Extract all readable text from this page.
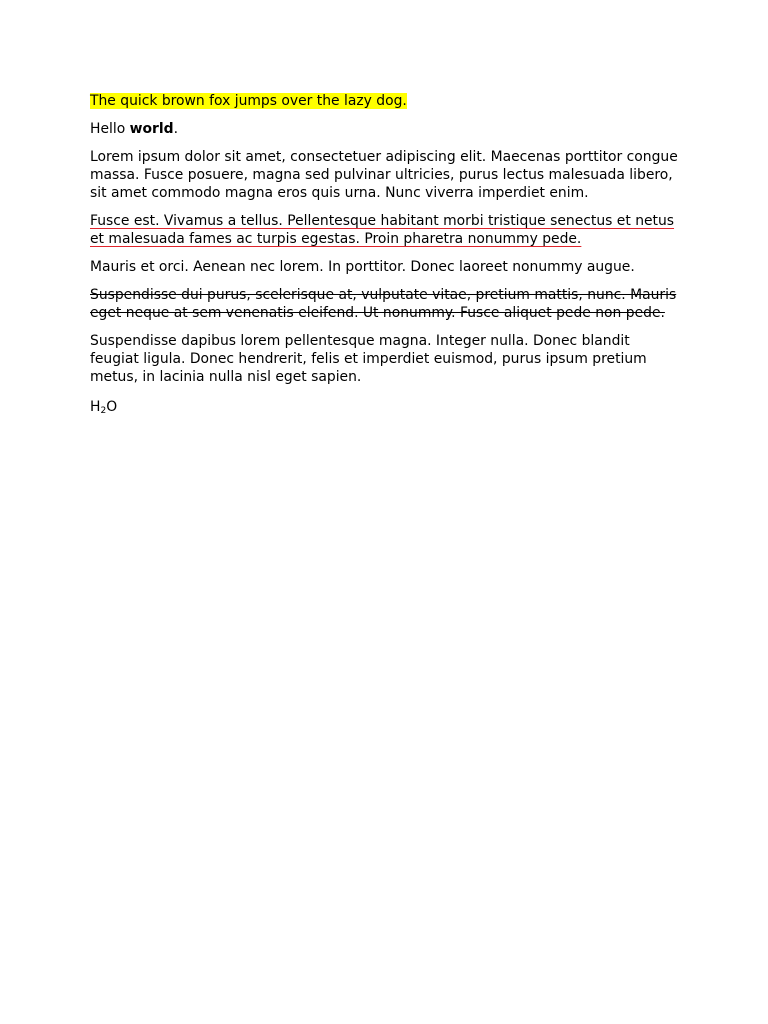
The quick brown fox jumps over the lazy dog.

Hello world.

Lorem ipsum dolor sit amet, consectetuer adipiscing elit. Maecenas porttitor congue massa. Fusce posuere, magna sed pulvinar ultricies, purus lectus malesuada libero, sit amet commodo magna eros quis urna. Nunc viverra imperdiet enim.

Fusce est. Vivamus a tellus. Pellentesque habitant morbi tristique senectus et netus et malesuada fames ac turpis egestas. Proin pharetra nonummy pede.

Mauris et orci. Aenean nec lorem. In porttitor. Donec laoreet nonummy augue.

Suspendisse dui purus, scelerisque at, vulputate vitae, pretium mattis, nunc. Mauris eget neque at sem venenatis eleifend. Ut nonummy. Fusce aliquet pede non pede.

Suspendisse dapibus lorem pellentesque magna. Integer nulla. Donec blandit feugiat ligula. Donec hendrerit, felis et imperdiet euismod, purus ipsum pretium metus, in lacinia nulla nisl eget sapien.

$H_2O$
